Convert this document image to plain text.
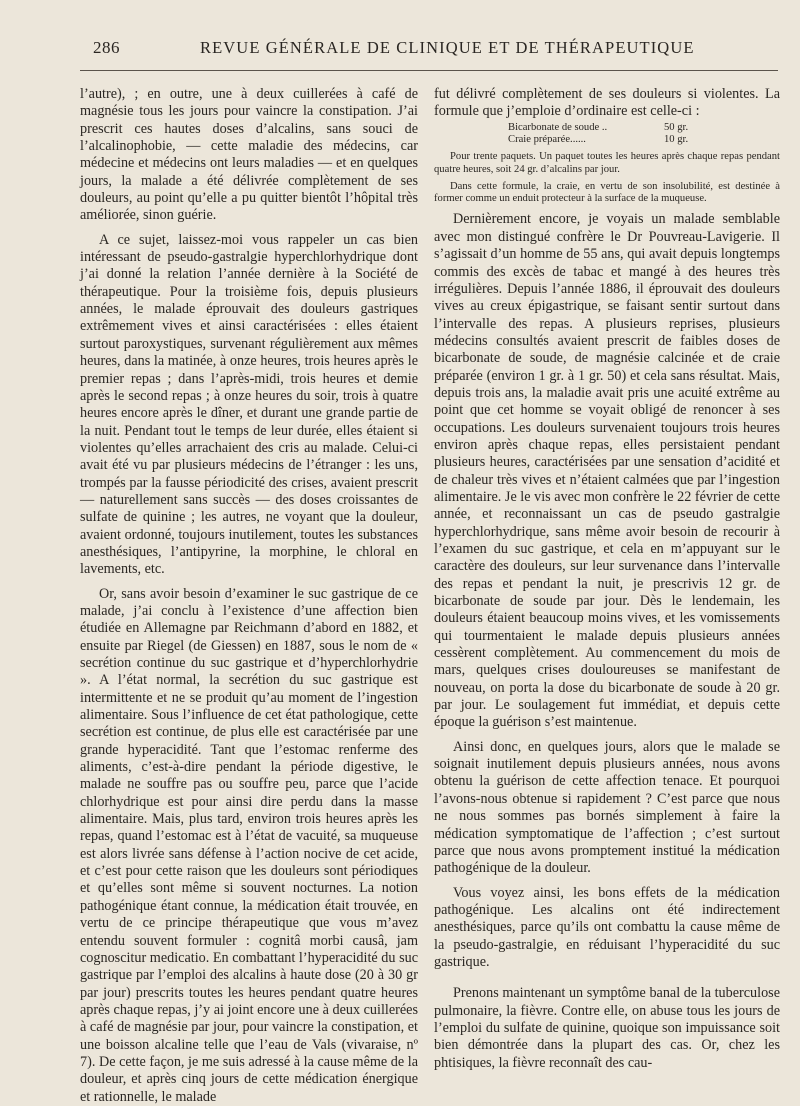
286	REVUE GÉNÉRALE DE CLINIQUE ET DE THÉRAPEUTIQUE

l’autre), ; en outre, une à deux cuillerées à café de magnésie tous les jours pour vaincre la constipation. J’ai prescrit ces hautes doses d’alcalins, sans souci de l’alcalinophobie, — cette maladie des médecins, car médecine et médecins ont leurs maladies — et en quelques jours, la malade a été délivrée complètement de ses douleurs, au point qu’elle a pu quitter bientôt l’hôpital très améliorée, sinon guérie.

A ce sujet, laissez-moi vous rappeler un cas bien intéressant de pseudo-gastralgie hyperchlorhydrique dont j’ai donné la relation l’année dernière à la Société de thérapeutique. Pour la troisième fois, depuis plusieurs années, le malade éprouvait des douleurs gastriques extrêmement vives et ainsi caractérisées : elles étaient surtout paroxystiques, survenant régulièrement aux mêmes heures, dans la matinée, à onze heures, trois heures après le premier repas ; dans l’après-midi, trois heures et demie après le second repas ; à onze heures du soir, trois à quatre heures encore après le dîner, et durant une grande partie de la nuit. Pendant tout le temps de leur durée, elles étaient si violentes qu’elles arrachaient des cris au malade. Celui-ci avait été vu par plusieurs médecins de l’étranger : les uns, trompés par la fausse périodicité des crises, avaient prescrit — naturellement sans succès — des doses croissantes de sulfate de quinine ; les autres, ne voyant que la douleur, avaient ordonné, toujours inutilement, toutes les substances anesthésiques, l’antipyrine, la morphine, le chloral en lavements, etc.

Or, sans avoir besoin d’examiner le suc gastrique de ce malade, j’ai conclu à l’existence d’une affection bien étudiée en Allemagne par Reichmann d’abord en 1882, et ensuite par Riegel (de Giessen) en 1887, sous le nom de « secrétion continue du suc gastrique et d’hyperchlorhydrie ». A l’état normal, la secrétion du suc gastrique est intermittente et ne se produit qu’au moment de l’ingestion alimentaire. Sous l’influence de cet état pathologique, cette secrétion est continue, de plus elle est caractérisée par une grande hyperacidité. Tant que l’estomac renferme des aliments, c’est-à-dire pendant la période digestive, le malade ne souffre pas ou souffre peu, parce que l’acide chlorhydrique est pour ainsi dire perdu dans la masse alimentaire. Mais, plus tard, environ trois heures après les repas, quand l’estomac est à l’état de vacuité, sa muqueuse est alors livrée sans défense à l’action nocive de cet acide, et c’est pour cette raison que les douleurs sont périodiques et qu’elles sont même si souvent nocturnes. La notion pathogénique étant connue, la médication était trouvée, en vertu de ce principe thérapeutique que vous m’avez entendu souvent formuler : cognitâ morbi causâ, jam cognoscitur medicatio. En combattant l’hyperacidité du suc gastrique par l’emploi des alcalins à haute dose (20 à 30 gr par jour) prescrits toutes les heures pendant quatre heures après chaque repas, j’y ai joint encore une à deux cuillerées à café de magnésie par jour, pour vaincre la constipation, et une boisson alcaline telle que l’eau de Vals (vivaraise, nº 7). De cette façon, je me suis adressé à la cause même de la douleur, et après cinq jours de cette médication énergique et rationnelle, le malade

fut délivré complètement de ses douleurs si violentes. La formule que j’emploie d’ordinaire est celle-ci :

Bicarbonate de soude ..	50 gr.
Craie préparée......	10 gr.

Pour trente paquets. Un paquet toutes les heures après chaque repas pendant quatre heures, soit 24 gr. d’alcalins par jour.

Dans cette formule, la craie, en vertu de son insolubilité, est destinée à former comme un enduit protecteur à la surface de la muqueuse.

Dernièrement encore, je voyais un malade semblable avec mon distingué confrère le Dr Pouvreau-Lavigerie. Il s’agissait d’un homme de 55 ans, qui avait depuis longtemps commis des excès de tabac et mangé à des heures très irrégulières. Depuis l’année 1886, il éprouvait des douleurs vives au creux épigastrique, se faisant sentir surtout dans l’intervalle des repas. A plusieurs reprises, plusieurs médecins consultés avaient prescrit de faibles doses de bicarbonate de soude, de magnésie calcinée et de craie préparée (environ 1 gr. à 1 gr. 50) et cela sans résultat. Mais, depuis trois ans, la maladie avait pris une acuité extrême au point que cet homme se voyait obligé de renoncer à ses occupations. Les douleurs survenaient toujours trois heures environ après chaque repas, elles persistaient pendant plusieurs heures, caractérisées par une sensation d’acidité et de chaleur très vives et n’étaient calmées que par l’ingestion alimentaire. Je le vis avec mon confrère le 22 février de cette année, et reconnaissant un cas de pseudo gastralgie hyperchlorhydrique, sans même avoir besoin de recourir à l’examen du suc gastrique, et cela en m’appuyant sur le caractère des douleurs, sur leur survenance dans l’intervalle des repas et pendant la nuit, je prescrivis 12 gr. de bicarbonate de soude par jour. Dès le lendemain, les douleurs étaient beaucoup moins vives, et les vomissements qui tourmentaient le malade depuis plusieurs années cessèrent complètement. Au commencement du mois de mars, quelques crises douloureuses se manifestant de nouveau, on porta la dose du bicarbonate de soude à 20 gr. par jour. Le soulagement fut immédiat, et depuis cette époque la guérison s’est maintenue.

Ainsi donc, en quelques jours, alors que le malade se soignait inutilement depuis plusieurs années, nous avons obtenu la guérison de cette affection tenace. Et pourquoi l’avons-nous obtenue si rapidement ? C’est parce que nous ne nous sommes pas bornés simplement à faire la médication symptomatique de l’affection ; c’est surtout parce que nous avons promptement institué la médication pathogénique de la douleur.

Vous voyez ainsi, les bons effets de la médication pathogénique. Les alcalins ont été indirectement anesthésiques, parce qu’ils ont combattu la cause même de la pseudo-gastralgie, en réduisant l’hyperacidité du suc gastrique.

Prenons maintenant un symptôme banal de la tuberculose pulmonaire, la fièvre. Contre elle, on abuse tous les jours de l’emploi du sulfate de quinine, quoique son impuissance soit bien démontrée dans la plupart des cas. Or, chez les phtisiques, la fièvre reconnaît des cau-
